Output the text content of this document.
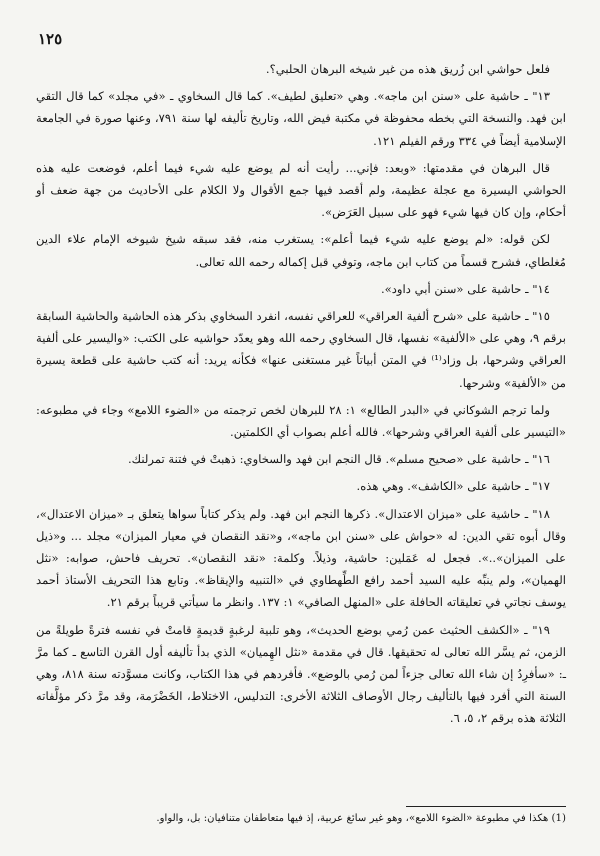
١٢٥

فلعل حواشي ابن زُريق هذه من غير شيخه البرهان الحلبي؟.

١٣" ـ حاشية على «سنن ابن ماجه». وهي «تعليق لطيف». كما قال السخاوي ـ «في مجلد» كما قال التقي ابن فهد. والنسخة التي بخطه محفوظة في مكتبة فيض الله، وتاريخ تأليفه لها سنة ٧٩١، وعنها صورة في الجامعة الإسلامية أيضاً في ٣٣٤ ورقم الفيلم ١٢١.

قال البرهان في مقدمتها: «وبعد: فإني... رأيت أنه لم يوضع عليه شيء فيما أعلم، فوضعت عليه هذه الحواشي اليسيرة مع عجلة عظيمة، ولم أقصد فيها جمع الأقوال ولا الكلام على الأحاديث من جهة ضعف أو أحكام، وإن كان فيها شيء فهو على سبيل العَرَض».

لكن قوله: «لم يوضع عليه شيء فيما أعلم»: يستغرب منه، فقد سبقه شيخ شيوخه الإمام علاء الدين مُغلطاي، فشرح قسماً من كتاب ابن ماجه، وتوفي قبل إكماله رحمه الله تعالى.

١٤" ـ حاشية على «سنن أبي داود».

١٥" ـ حاشية على «شرح ألفية العراقي» للعراقي نفسه، انفرد السخاوي بذكر هذه الحاشية والحاشية السابقة برقم ٩، وهي على «الألفية» نفسها، قال السخاوي رحمه الله وهو يعدّد حواشيه على الكتب: «واليسير على ألفية العراقي وشرحها، بل وزاد⁽¹⁾ في المتن أبياتاً غير مستغنى عنها» فكأنه يريد: أنه كتب حاشية على قطعة يسيرة من «الألفية» وشرحها.

ولما ترجم الشوكاني في «البدر الطالع» ١: ٢٨ للبرهان لخص ترجمته من «الضوء اللامع» وجاء في مطبوعه: «التيسير على ألفية العراقي وشرحها». فالله أعلم بصواب أي الكلمتين.

١٦" ـ حاشية على «صحيح مسلم». قال النجم ابن فهد والسخاوي: ذهبتْ في فتنة تمرلنك.

١٧" ـ حاشية على «الكاشف». وهي هذه.

١٨" ـ حاشية على «ميزان الاعتدال». ذكرها النجم ابن فهد. ولم يذكر كتاباً سواها يتعلق بـ «ميزان الاعتدال»، وقال أبوه تقي الدين: له «حواش على «سنن ابن ماجه»، و«نقد النقصان في معيار الميزان» مجلد ... و«ذيل على الميزان»..». فجعل له عَمَلين: حاشية، وذيلاً. وكلمة: «نقد النقصان». تحريف فاحش، صوابه: «نثل الهميان»، ولم ينبِّه عليه السيد أحمد رافع الطِّهطاوي في «التنبيه والإيقاظ». وتابع هذا التحريف الأستاذ أحمد يوسف نجاتي في تعليقاته الحافلة على «المنهل الصافي» ١: ١٣٧. وانظر ما سيأتي قريباً برقم ٢١.

١٩" ـ «الكشف الحثيث عمن رُمي بوضع الحديث»، وهو تلبية لرغبةٍ قديمةٍ قامتْ في نفسه فترةً طويلةً من الزمن، ثم يسَّر الله تعالى له تحقيقها. قال في مقدمة «نثل الهِميان» الذي بدأ تأليفه أول القرن التاسع ـ كما مرَّ ـ: «سأفرِدُ إن شاء الله تعالى جزءاً لمن رُمي بالوضع». فأفردهم في هذا الكتاب، وكانت مسوَّدته سنة ٨١٨، وهي السنة التي أفرد فيها بالتأليف رجال الأوصاف الثلاثة الأخرى: التدليس، الاختلاط، الخَضْرَمة، وقد مرَّ ذكر مؤلَّفاته الثلاثة هذه برقم ٢، ٥، ٦.

(1) هكذا في مطبوعة «الضوء اللامع»، وهو غير سائغ عربية، إذ فيها متعاطفان متنافيان: بل، والواو.
